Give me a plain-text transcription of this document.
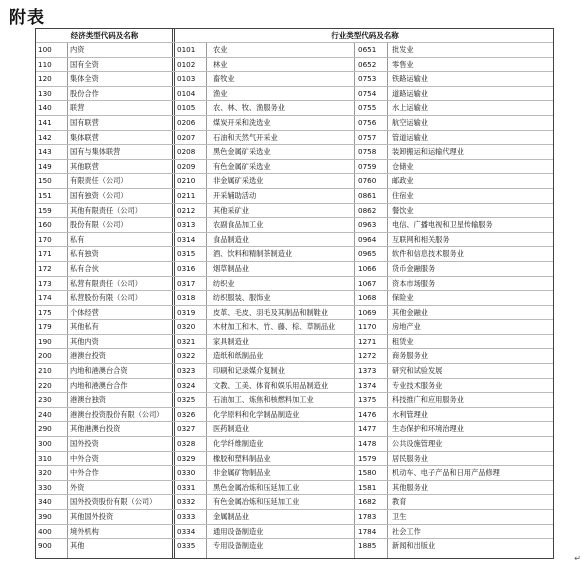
附表
经济类型代码及名称	行业类型代码及名称
100	内资	0101	农业	0651	批发业
110	国有全资	0102	林业	0652	零售业
120	集体全资	0103	畜牧业	0753	铁路运输业
130	股份合作	0104	渔业	0754	道路运输业
140	联营	0105	农、林、牧、渔服务业	0755	水上运输业
141	国有联营	0206	煤炭开采和洗选业	0756	航空运输业
142	集体联营	0207	石油和天然气开采业	0757	管道运输业
143	国有与集体联营	0208	黑色金属矿采选业	0758	装卸搬运和运输代理业
149	其他联营	0209	有色金属矿采选业	0759	仓储业
150	有限责任（公司）	0210	非金属矿采选业	0760	邮政业
151	国有独资（公司）	0211	开采辅助活动	0861	住宿业
159	其他有限责任（公司）	0212	其他采矿业	0862	餐饮业
160	股份有限（公司）	0313	农副食品加工业	0963	电信、广播电视和卫星传输服务
170	私有	0314	食品制造业	0964	互联网和相关服务
171	私有独资	0315	酒、饮料和精制茶制造业	0965	软件和信息技术服务业
172	私有合伙	0316	烟草制品业	1066	货币金融服务
173	私营有限责任（公司）	0317	纺织业	1067	资本市场服务
174	私营股份有限（公司）	0318	纺织服装、服饰业	1068	保险业
175	个体经营	0319	皮革、毛皮、羽毛及其制品和制鞋业	1069	其他金融业
179	其他私有	0320	木材加工和木、竹、藤、棕、草制品业	1170	房地产业
190	其他内资	0321	家具制造业	1271	租赁业
200	港澳台投资	0322	造纸和纸制品业	1272	商务服务业
210	内地和港澳台合资	0323	印刷和记录媒介复制业	1373	研究和试验发展
220	内地和港澳台合作	0324	文教、工美、体育和娱乐用品制造业	1374	专业技术服务业
230	港澳台独资	0325	石油加工、炼焦和核燃料加工业	1375	科技推广和应用服务业
240	港澳台投资股份有限（公司）	0326	化学原料和化学制品制造业	1476	水利管理业
290	其他港澳台投资	0327	医药制造业	1477	生态保护和环境治理业
300	国外投资	0328	化学纤维制造业	1478	公共设施管理业
310	中外合资	0329	橡胶和塑料制品业	1579	居民服务业
320	中外合作	0330	非金属矿物制品业	1580	机动车、电子产品和日用产品修理
330	外资	0331	黑色金属冶炼和压延加工业	1581	其他服务业
340	国外投资股份有限（公司）	0332	有色金属冶炼和压延加工业	1682	教育
390	其他国外投资	0333	金属制品业	1783	卫生
400	境外机构	0334	通用设备制造业	1784	社会工作
900	其他	0335	专用设备制造业	1885	新闻和出版业
↵
